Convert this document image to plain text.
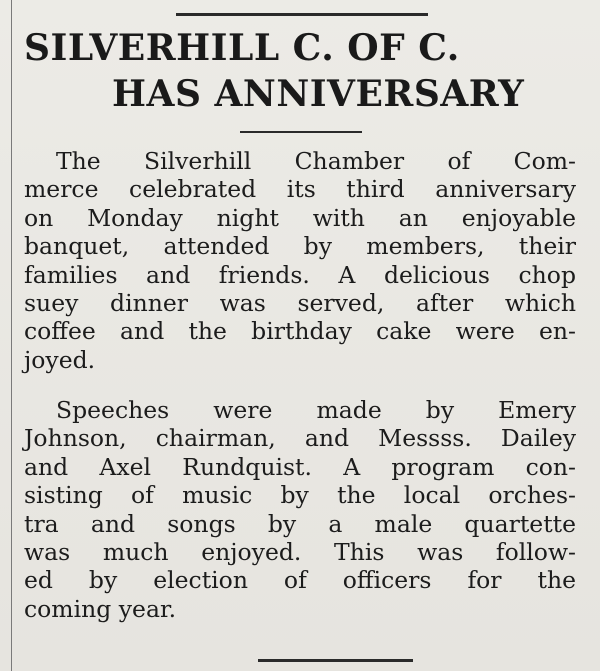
SILVERHILL C. OF C.
HAS ANNIVERSARY
The Silverhill Chamber of Com-
merce celebrated its third anniversary
on Monday night with an enjoyable
banquet, attended by members, their
families and friends. A delicious chop
suey dinner was served, after which
coffee and the birthday cake were en-
joyed.
Speeches were made by Emery
Johnson, chairman, and Messss. Dailey
and Axel Rundquist. A program con-
sisting of music by the local orches-
tra and songs by a male quartette
was much enjoyed. This was follow-
ed by election of officers for the
coming year.
